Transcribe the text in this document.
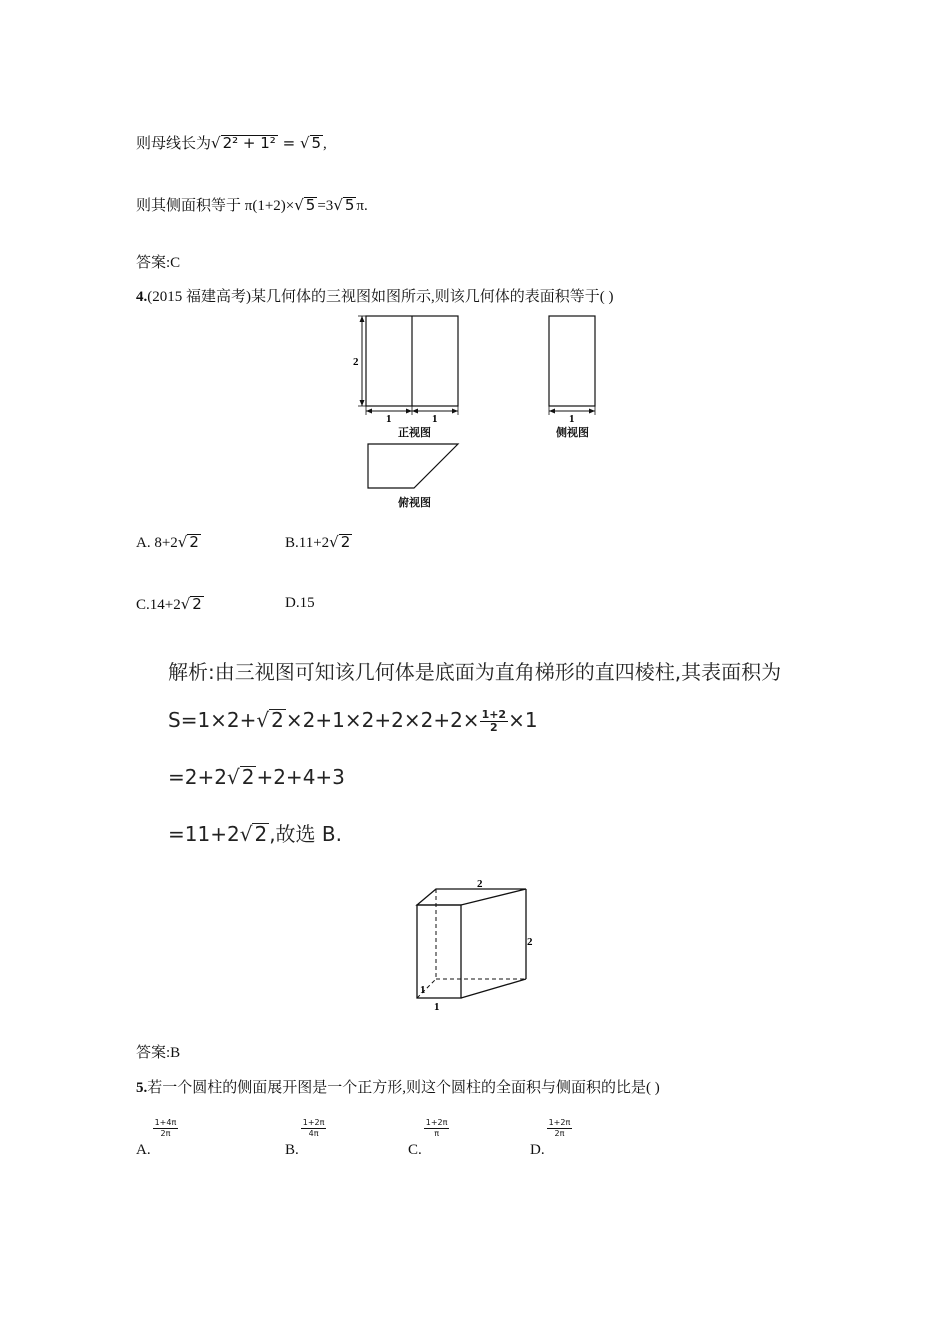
则母线长为√ 2² + 1² = √ 5 ,
则其侧面积等于 π(1+2)×√ 5 =3√ 5 π.
答案:C
4.(2015 福建高考)某几何体的三视图如图所示,则该几何体的表面积等于( )
2
1	1	1
正视图	侧视图
俯视图
A. 8+2√ 2	B.11+2√ 2
C.14+2√ 2	D.15
解析:由三视图可知该几何体是底面为直角梯形的直四棱柱,其表面积为
S=1×2+√ $2 \times 2+1\times 2+2\times 2+2\times \frac{1+2}{2} \times 1$
=2+2√ 2 +2+4+3
=11+2√ 2 ,故选 B.
2
2
1
1
答案:B
5.若一个圆柱的侧面展开图是一个正方形,则这个圆柱的全面积与侧面积的比是( )
A.
$\frac{1+4\pi}{2\pi}$
B.
$\frac{1+2\pi}{4\pi}$
C.
$\frac{1+2\pi}{\pi}$
D.
$\frac{1+2\pi}{2\pi}$
